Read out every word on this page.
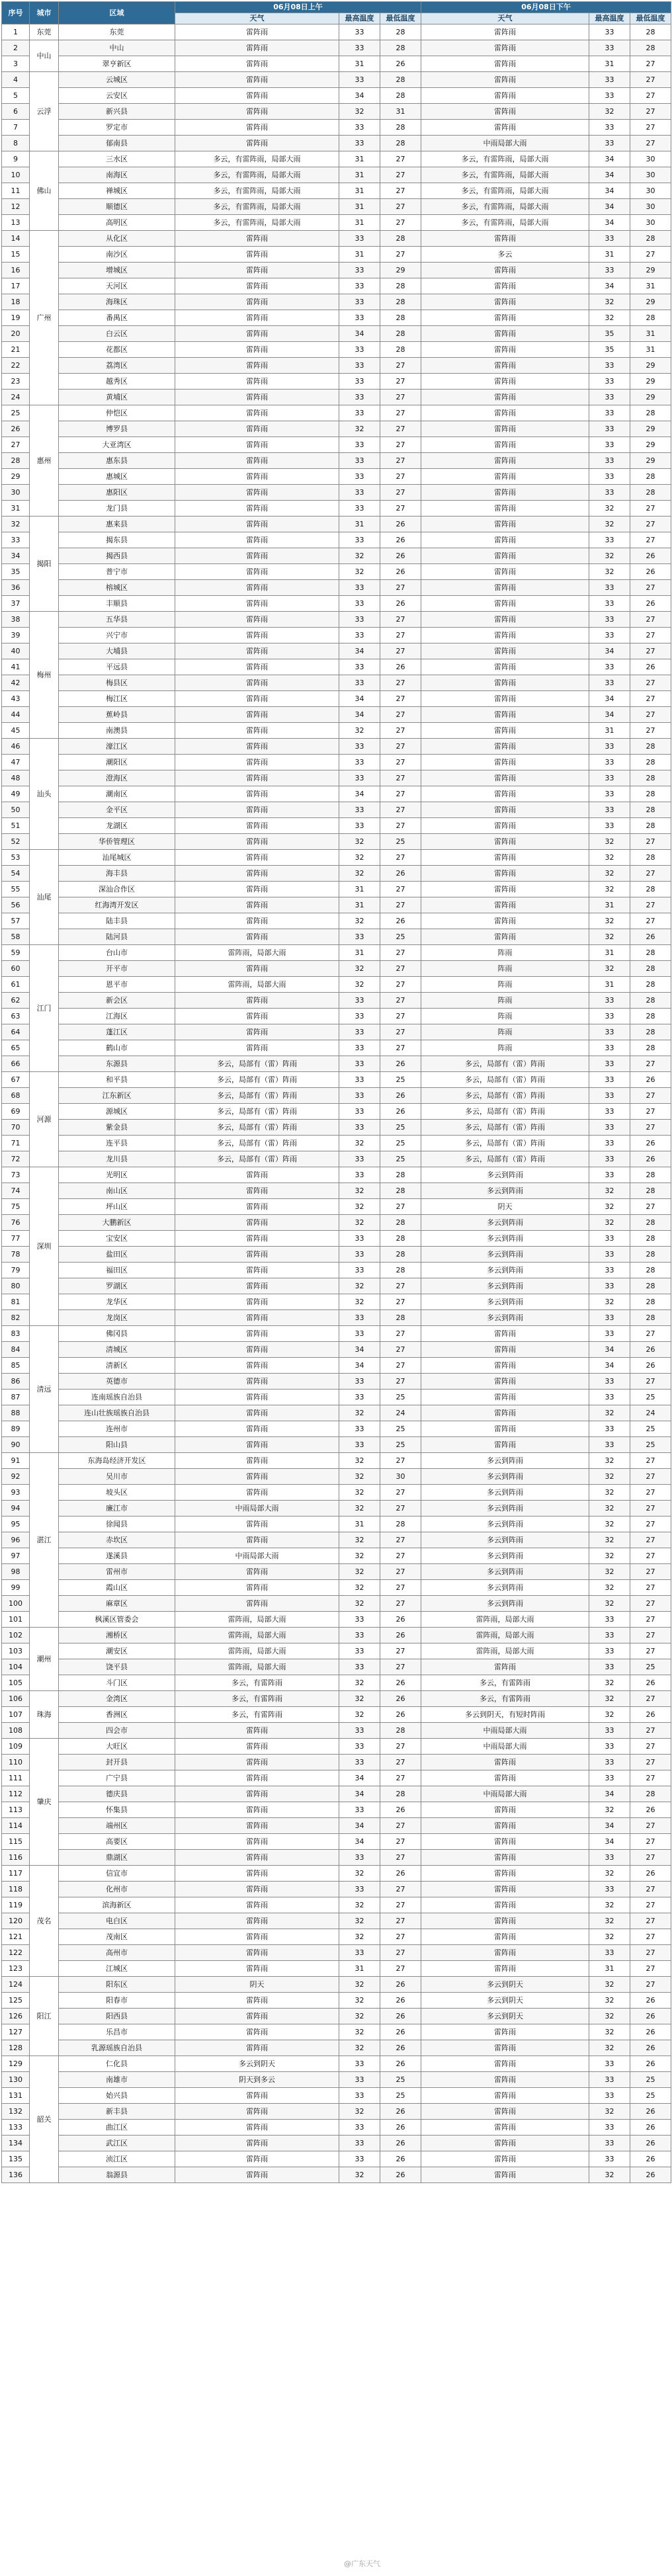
序号	城市	区域	06月08日上午			06月08日下午		
			天气	最高温度	最低温度	天气	最高温度	最低温度
1	东莞	东莞	雷阵雨	33	28	雷阵雨	33	28
2	中山	中山	雷阵雨	33	28	雷阵雨	33	28
3		翠亨新区	雷阵雨	31	26	雷阵雨	31	27
4	云浮	云城区	雷阵雨	33	28	雷阵雨	33	27
5		云安区	雷阵雨	34	28	雷阵雨	33	27
6		新兴县	雷阵雨	32	31	雷阵雨	32	27
7		罗定市	雷阵雨	33	28	雷阵雨	33	27
8		郁南县	雷阵雨	33	28	中雨局部大雨	33	27
9	佛山	三水区	多云，有雷阵雨，局部大雨	31	27	多云，有雷阵雨，局部大雨	34	30
10		南海区	多云，有雷阵雨，局部大雨	31	27	多云，有雷阵雨，局部大雨	34	30
11		禅城区	多云，有雷阵雨，局部大雨	31	27	多云，有雷阵雨，局部大雨	34	30
12		顺德区	多云，有雷阵雨，局部大雨	31	27	多云，有雷阵雨，局部大雨	34	30
13		高明区	多云，有雷阵雨，局部大雨	31	27	多云，有雷阵雨，局部大雨	34	30
14	广州	从化区	雷阵雨	33	28	雷阵雨	33	28
15		南沙区	雷阵雨	31	27	多云	31	27
16		增城区	雷阵雨	33	29	雷阵雨	33	29
17		天河区	雷阵雨	33	28	雷阵雨	34	31
18		海珠区	雷阵雨	33	28	雷阵雨	32	29
19		番禺区	雷阵雨	33	28	雷阵雨	32	28
20		白云区	雷阵雨	34	28	雷阵雨	35	31
21		花都区	雷阵雨	33	28	雷阵雨	35	31
22		荔湾区	雷阵雨	33	27	雷阵雨	33	29
23		越秀区	雷阵雨	33	27	雷阵雨	33	29
24		黄埔区	雷阵雨	33	27	雷阵雨	33	29
25	惠州	仲恺区	雷阵雨	33	27	雷阵雨	33	28
26		博罗县	雷阵雨	32	27	雷阵雨	33	29
27		大亚湾区	雷阵雨	33	27	雷阵雨	33	29
28		惠东县	雷阵雨	33	27	雷阵雨	33	29
29		惠城区	雷阵雨	33	27	雷阵雨	33	28
30		惠阳区	雷阵雨	33	27	雷阵雨	33	28
31		龙门县	雷阵雨	33	27	雷阵雨	32	27
32	揭阳	惠来县	雷阵雨	31	26	雷阵雨	32	27
33		揭东县	雷阵雨	33	26	雷阵雨	33	27
34		揭西县	雷阵雨	32	26	雷阵雨	32	26
35		普宁市	雷阵雨	32	26	雷阵雨	32	26
36		榕城区	雷阵雨	33	27	雷阵雨	33	27
37		丰顺县	雷阵雨	33	26	雷阵雨	33	26
38	梅州	五华县	雷阵雨	33	27	雷阵雨	33	27
39		兴宁市	雷阵雨	33	27	雷阵雨	33	27
40		大埔县	雷阵雨	34	27	雷阵雨	34	27
41		平远县	雷阵雨	33	26	雷阵雨	33	26
42		梅县区	雷阵雨	33	27	雷阵雨	33	27
43		梅江区	雷阵雨	34	27	雷阵雨	34	27
44		蕉岭县	雷阵雨	34	27	雷阵雨	34	27
45		南澳县	雷阵雨	32	27	雷阵雨	31	27
46	汕头	濠江区	雷阵雨	33	27	雷阵雨	33	28
47		潮阳区	雷阵雨	33	27	雷阵雨	33	28
48		澄海区	雷阵雨	33	27	雷阵雨	33	28
49		潮南区	雷阵雨	34	27	雷阵雨	33	28
50		金平区	雷阵雨	33	27	雷阵雨	33	28
51		龙湖区	雷阵雨	33	27	雷阵雨	33	28
52		华侨管理区	雷阵雨	32	25	雷阵雨	32	27
53	汕尾	汕尾城区	雷阵雨	32	27	雷阵雨	32	28
54		海丰县	雷阵雨	32	26	雷阵雨	32	27
55		深汕合作区	雷阵雨	31	27	雷阵雨	32	28
56		红海湾开发区	雷阵雨	31	27	雷阵雨	31	27
57		陆丰县	雷阵雨	32	26	雷阵雨	32	27
58		陆河县	雷阵雨	33	25	雷阵雨	32	26
59	江门	台山市	雷阵雨，局部大雨	31	27	阵雨	31	28
60		开平市	雷阵雨	32	27	阵雨	32	28
61		恩平市	雷阵雨，局部大雨	32	27	阵雨	31	28
62		新会区	雷阵雨	33	27	阵雨	33	28
63		江海区	雷阵雨	33	27	阵雨	33	28
64		蓬江区	雷阵雨	33	27	阵雨	33	28
65		鹤山市	雷阵雨	33	27	阵雨	33	28
66		东源县	多云，局部有（雷）阵雨	33	26	多云，局部有（雷）阵雨	33	27
67	河源	和平县	多云，局部有（雷）阵雨	33	25	多云，局部有（雷）阵雨	33	26
68		江东新区	多云，局部有（雷）阵雨	33	26	多云，局部有（雷）阵雨	33	27
69		源城区	多云，局部有（雷）阵雨	33	26	多云，局部有（雷）阵雨	33	27
70		紫金县	多云，局部有（雷）阵雨	33	25	多云，局部有（雷）阵雨	33	27
71		连平县	多云，局部有（雷）阵雨	32	25	多云，局部有（雷）阵雨	33	26
72		龙川县	多云，局部有（雷）阵雨	33	25	多云，局部有（雷）阵雨	33	26
73	深圳	光明区	雷阵雨	33	28	多云到阵雨	33	28
74		南山区	雷阵雨	32	28	多云到阵雨	32	28
75		坪山区	雷阵雨	32	27	阴天	32	27
76		大鹏新区	雷阵雨	32	28	多云到阵雨	32	28
77		宝安区	雷阵雨	33	28	多云到阵雨	33	28
78		盐田区	雷阵雨	33	28	多云到阵雨	33	28
79		福田区	雷阵雨	33	28	多云到阵雨	33	28
80		罗湖区	雷阵雨	32	27	多云到阵雨	33	28
81		龙华区	雷阵雨	32	27	多云到阵雨	32	28
82		龙岗区	雷阵雨	33	28	多云到阵雨	33	28
83	清远	佛冈县	雷阵雨	33	27	雷阵雨	33	27
84		清城区	雷阵雨	34	27	雷阵雨	34	26
85		清新区	雷阵雨	34	27	雷阵雨	34	26
86		英德市	雷阵雨	33	27	雷阵雨	33	27
87		连南瑶族自治县	雷阵雨	33	25	雷阵雨	33	25
88		连山壮族瑶族自治县	雷阵雨	32	24	雷阵雨	32	24
89		连州市	雷阵雨	33	25	雷阵雨	33	25
90		阳山县	雷阵雨	33	25	雷阵雨	33	25
91	湛江	东海岛经济开发区	雷阵雨	32	27	多云到阵雨	32	27
92		吴川市	雷阵雨	32	30	多云到阵雨	32	27
93		坡头区	雷阵雨	32	27	多云到阵雨	32	27
94		廉江市	中雨局部大雨	32	27	多云到阵雨	32	27
95		徐闻县	雷阵雨	31	28	多云到阵雨	32	27
96		赤坎区	雷阵雨	32	27	多云到阵雨	32	27
97		遂溪县	中雨局部大雨	32	27	多云到阵雨	32	27
98		雷州市	雷阵雨	32	27	多云到阵雨	32	27
99		霞山区	雷阵雨	32	27	多云到阵雨	32	27
100		麻章区	雷阵雨	32	27	多云到阵雨	32	27
101		枫溪区管委会	雷阵雨，局部大雨	33	26	雷阵雨，局部大雨	33	27
102	潮州	湘桥区	雷阵雨，局部大雨	33	26	雷阵雨，局部大雨	33	27
103		潮安区	雷阵雨，局部大雨	33	27	雷阵雨，局部大雨	33	27
104		饶平县	雷阵雨，局部大雨	33	27	雷阵雨	33	25
105		斗门区	多云，有雷阵雨	32	26	多云，有雷阵雨	32	26
106	珠海	金湾区	多云，有雷阵雨	32	26	多云，有雷阵雨	32	27
107		香洲区	多云，有雷阵雨	32	26	多云到阴天，有短时阵雨	32	26
108		四会市	雷阵雨	33	28	中雨局部大雨	33	27
109	肇庆	大旺区	雷阵雨	33	27	中雨局部大雨	33	27
110		封开县	雷阵雨	33	27	雷阵雨	33	27
111		广宁县	雷阵雨	34	27	雷阵雨	33	27
112		德庆县	雷阵雨	34	28	中雨局部大雨	34	28
113		怀集县	雷阵雨	33	26	雷阵雨	32	26
114		端州区	雷阵雨	34	27	雷阵雨	34	27
115		高要区	雷阵雨	34	27	雷阵雨	34	27
116		鼎湖区	雷阵雨	33	27	雷阵雨	33	27
117	茂名	信宜市	雷阵雨	32	26	雷阵雨	32	26
118		化州市	雷阵雨	33	27	雷阵雨	33	27
119		滨海新区	雷阵雨	32	27	雷阵雨	32	27
120		电白区	雷阵雨	32	27	雷阵雨	32	27
121		茂南区	雷阵雨	32	27	雷阵雨	32	27
122		高州市	雷阵雨	33	27	雷阵雨	33	27
123		江城区	雷阵雨	31	27	雷阵雨	31	27
124	阳江	阳东区	阴天	32	26	多云到阴天	32	27
125		阳春市	雷阵雨	32	26	多云到阴天	32	26
126		阳西县	雷阵雨	32	26	多云到阴天	32	26
127		乐昌市	雷阵雨	32	26	雷阵雨	32	26
128		乳源瑶族自治县	雷阵雨	32	26	雷阵雨	32	26
129	韶关	仁化县	多云到阴天	33	26	雷阵雨	33	26
130		南雄市	阴天到多云	33	25	雷阵雨	33	25
131		始兴县	雷阵雨	33	25	雷阵雨	33	25
132		新丰县	雷阵雨	32	26	雷阵雨	32	26
133		曲江区	雷阵雨	33	26	雷阵雨	33	26
134		武江区	雷阵雨	33	26	雷阵雨	33	26
135		浈江区	雷阵雨	33	26	雷阵雨	33	26
136		翁源县	雷阵雨	32	26	雷阵雨	32	26
@广东天气
